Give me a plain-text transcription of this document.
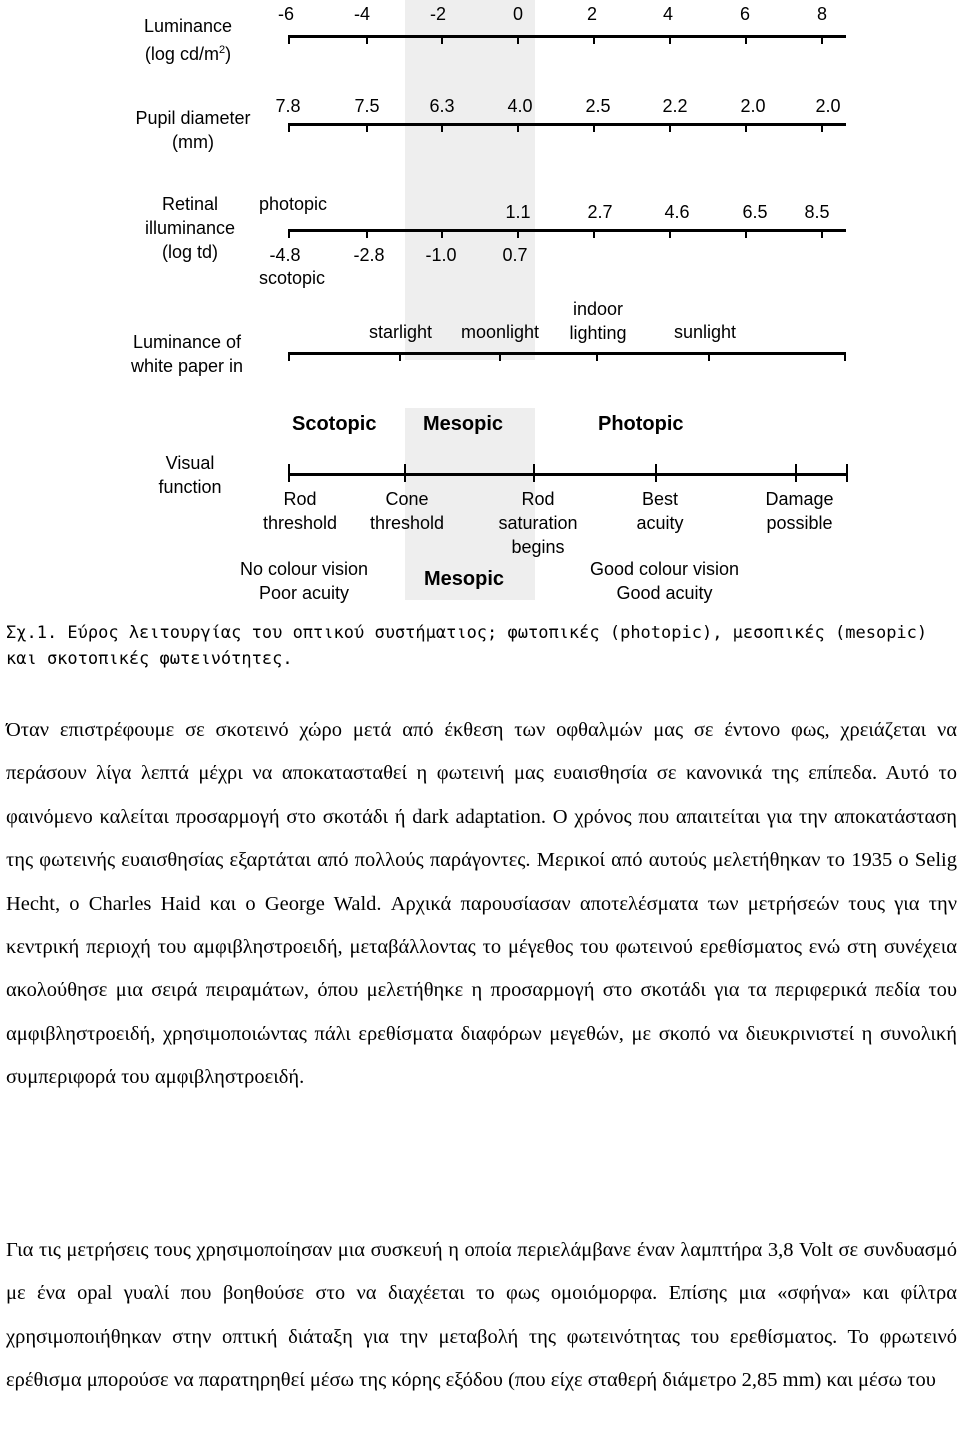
Luminance
(log $cd/m^2$)
-6	-4	-2	0	2	4	6	8
Pupil diameter
(mm)
7.8	7.5	6.3	4.0	2.5	2.2	2.0	2.0
Retinal
illuminance
(log td)
photopic
scotopic
1.1	2.7	4.6	6.5	8.5
-4.8	-2.8 -1.0	0.7
Luminance of
white paper in
starlight moonlight
indoor
lighting	sunlight
Scotopic Mesopic	Photopic
Visual
function
Rod
threshold
Cone
threshold
Rod
saturation
begins
Best
acuity
Damage
possible
No colour vision
Poor acuity
Mesopic	Good colour vision
Good acuity
Σχ.1. Εύρος λειτουργίας του οπτικού συστήματιος; φωτοπικές (photopic), μεσοπικές (mesopic) και σκοτοπικές φωτεινότητες.

Όταν επιστρέφουμε σε σκοτεινό χώρο μετά από έκθεση των οφθαλμών μας σε έντονο φως, χρειάζεται να περάσουν λίγα λεπτά μέχρι να αποκατασταθεί η φωτεινή μας ευαισθησία σε κανονικά της επίπεδα. Αυτό το φαινόμενο καλείται προσαρμογή στο σκοτάδι ή dark adaptation. Ο χρόνος που απαιτείται για την αποκατάσταση της φωτεινής ευαισθησίας εξαρτάται από πολλούς παράγοντες. Μερικοί από αυτούς μελετήθηκαν το 1935 ο Selig Hecht, ο Charles Haid και ο George Wald. Αρχικά παρουσίασαν αποτελέσματα των μετρήσεών τους για την κεντρική περιοχή του αμφιβληστροειδή, μεταβάλλοντας το μέγεθος του φωτεινού ερεθίσματος ενώ στη συνέχεια ακολούθησε μια σειρά πειραμάτων, όπου μελετήθηκε η προσαρμογή στο σκοτάδι για τα περιφερικά πεδία του αμφιβληστροειδή, χρησιμοποιώντας πάλι ερεθίσματα διαφόρων μεγεθών, με σκοπό να διευκρινιστεί η συνολική συμπεριφορά του αμφιβληστροειδή.

Για τις μετρήσεις τους χρησιμοποίησαν μια συσκευή η οποία περιελάμβανε έναν λαμπτήρα 3,8 Volt σε συνδυασμό με ένα opal γυαλί που βοηθούσε στο να διαχέεται το φως ομοιόμορφα. Επίσης μια «σφήνα» και φίλτρα χρησιμοποιήθηκαν στην οπτική διάταξη για την μεταβολή της φωτεινότητας του ερεθίσματος. Το φρωτεινό ερέθισμα μπορούσε να παρατηρηθεί μέσω της κόρης εξόδου (που είχε σταθερή διάμετρο 2,85 mm) και μέσω του
